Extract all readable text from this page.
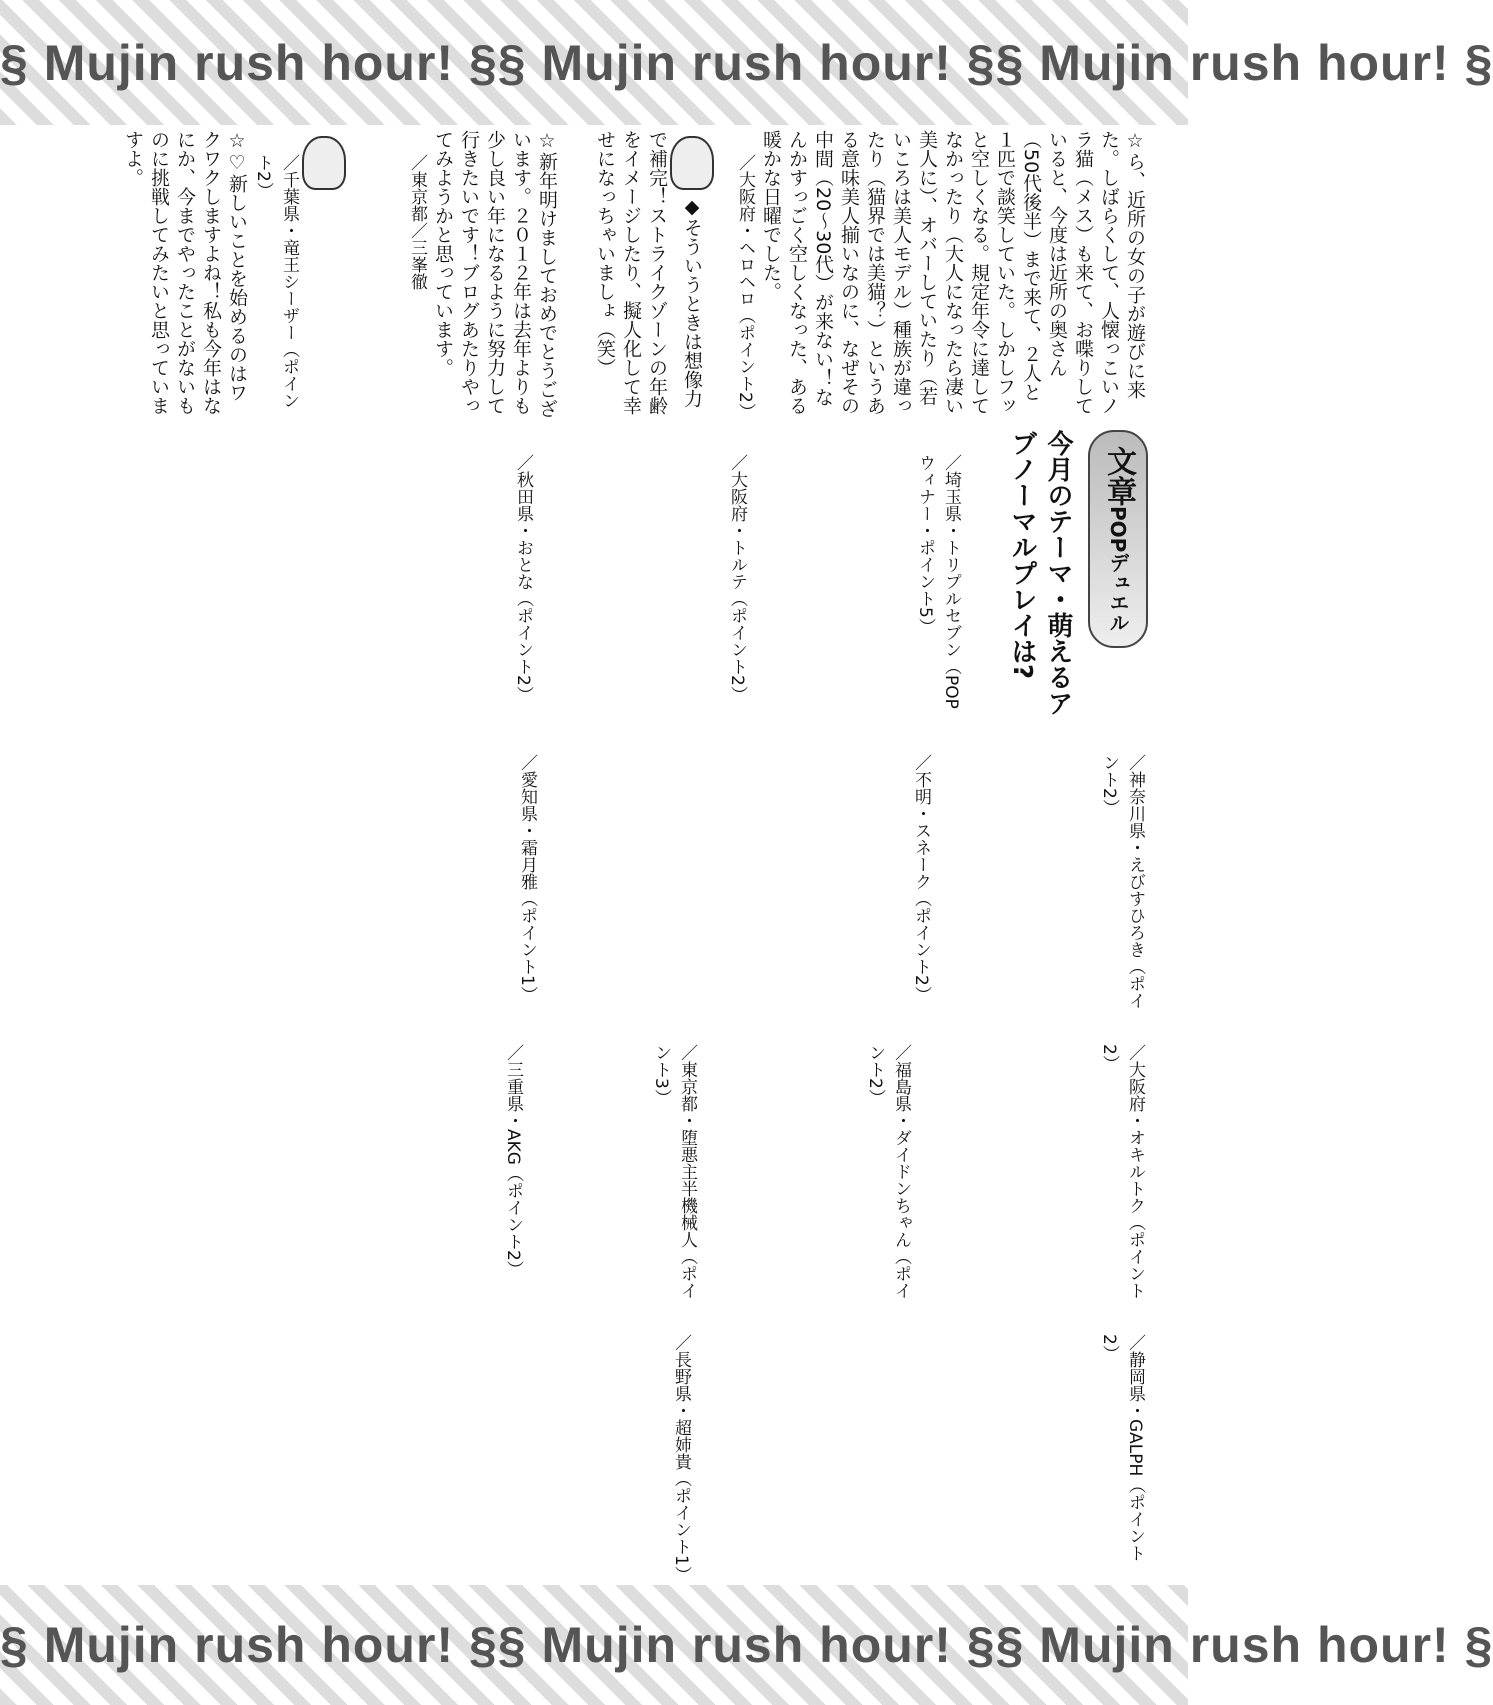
§ Mujin rush hour! § § Mujin rush hour! § § Mujin rush hour! §
☆ら、近所の女の子が遊びに来た。しばらくして、人懐っこいノラ猫（メス）も来て、お喋りしていると、今度は近所の奥さん（50代後半）まで来て、２人と１匹で談笑していた。しかしフッと空しくなる。規定年令に達してなかったり（大人になったら凄い美人に）、オバーしていたり（若いころは美人モデル）種族が違ったり（猫界では美猫？）というある意味美人揃いなのに、なぜその中間（20〜30代）が来ない！なんかすっごく空しくなった、ある暖かな日曜でした。
／大阪府・ヘロヘロ（ポイント2）
◆そういうときは想像力で補完！ストライクゾーンの年齢をイメージしたり、擬人化して幸せになっちゃいましょ（笑）
☆新年明けましておめでとうございます。２０１２年は去年よりも少し良い年になるように努力して行きたいです！ブログあたりやってみようかと思っています。
／東京都／三峯徹
／千葉県・竜王シーザー（ポイント2）
☆♡新しいことを始めるのはワクワクしますよね！私も今年はなにか、今までやったことがないものに挑戦してみたいと思っていますよ。
文章POPデュエル
今月のテーマ・萌えるアブノーマルプレイは?
／埼玉県・トリプルセブン（POPウィナー・ポイント5）
／大阪府・トルテ（ポイント2）
／秋田県・おとな（ポイント2）
／神奈川県・えびすひろき（ポイント2）
／不明・スネーク（ポイント2）
／愛知県・霜月雅（ポイント1）
／大阪府・オキルトク（ポイント2）
／福島県・ダイドンちゃん（ポイント2）
／東京都・堕悪主半機械人（ポイント3）
／三重県・AKG（ポイント2）
／静岡県・GALPH（ポイント2）
／長野県・超姉貴（ポイント1）
§ Mujin rush hour! § § Mujin rush hour! § § Mujin rush hour! §
